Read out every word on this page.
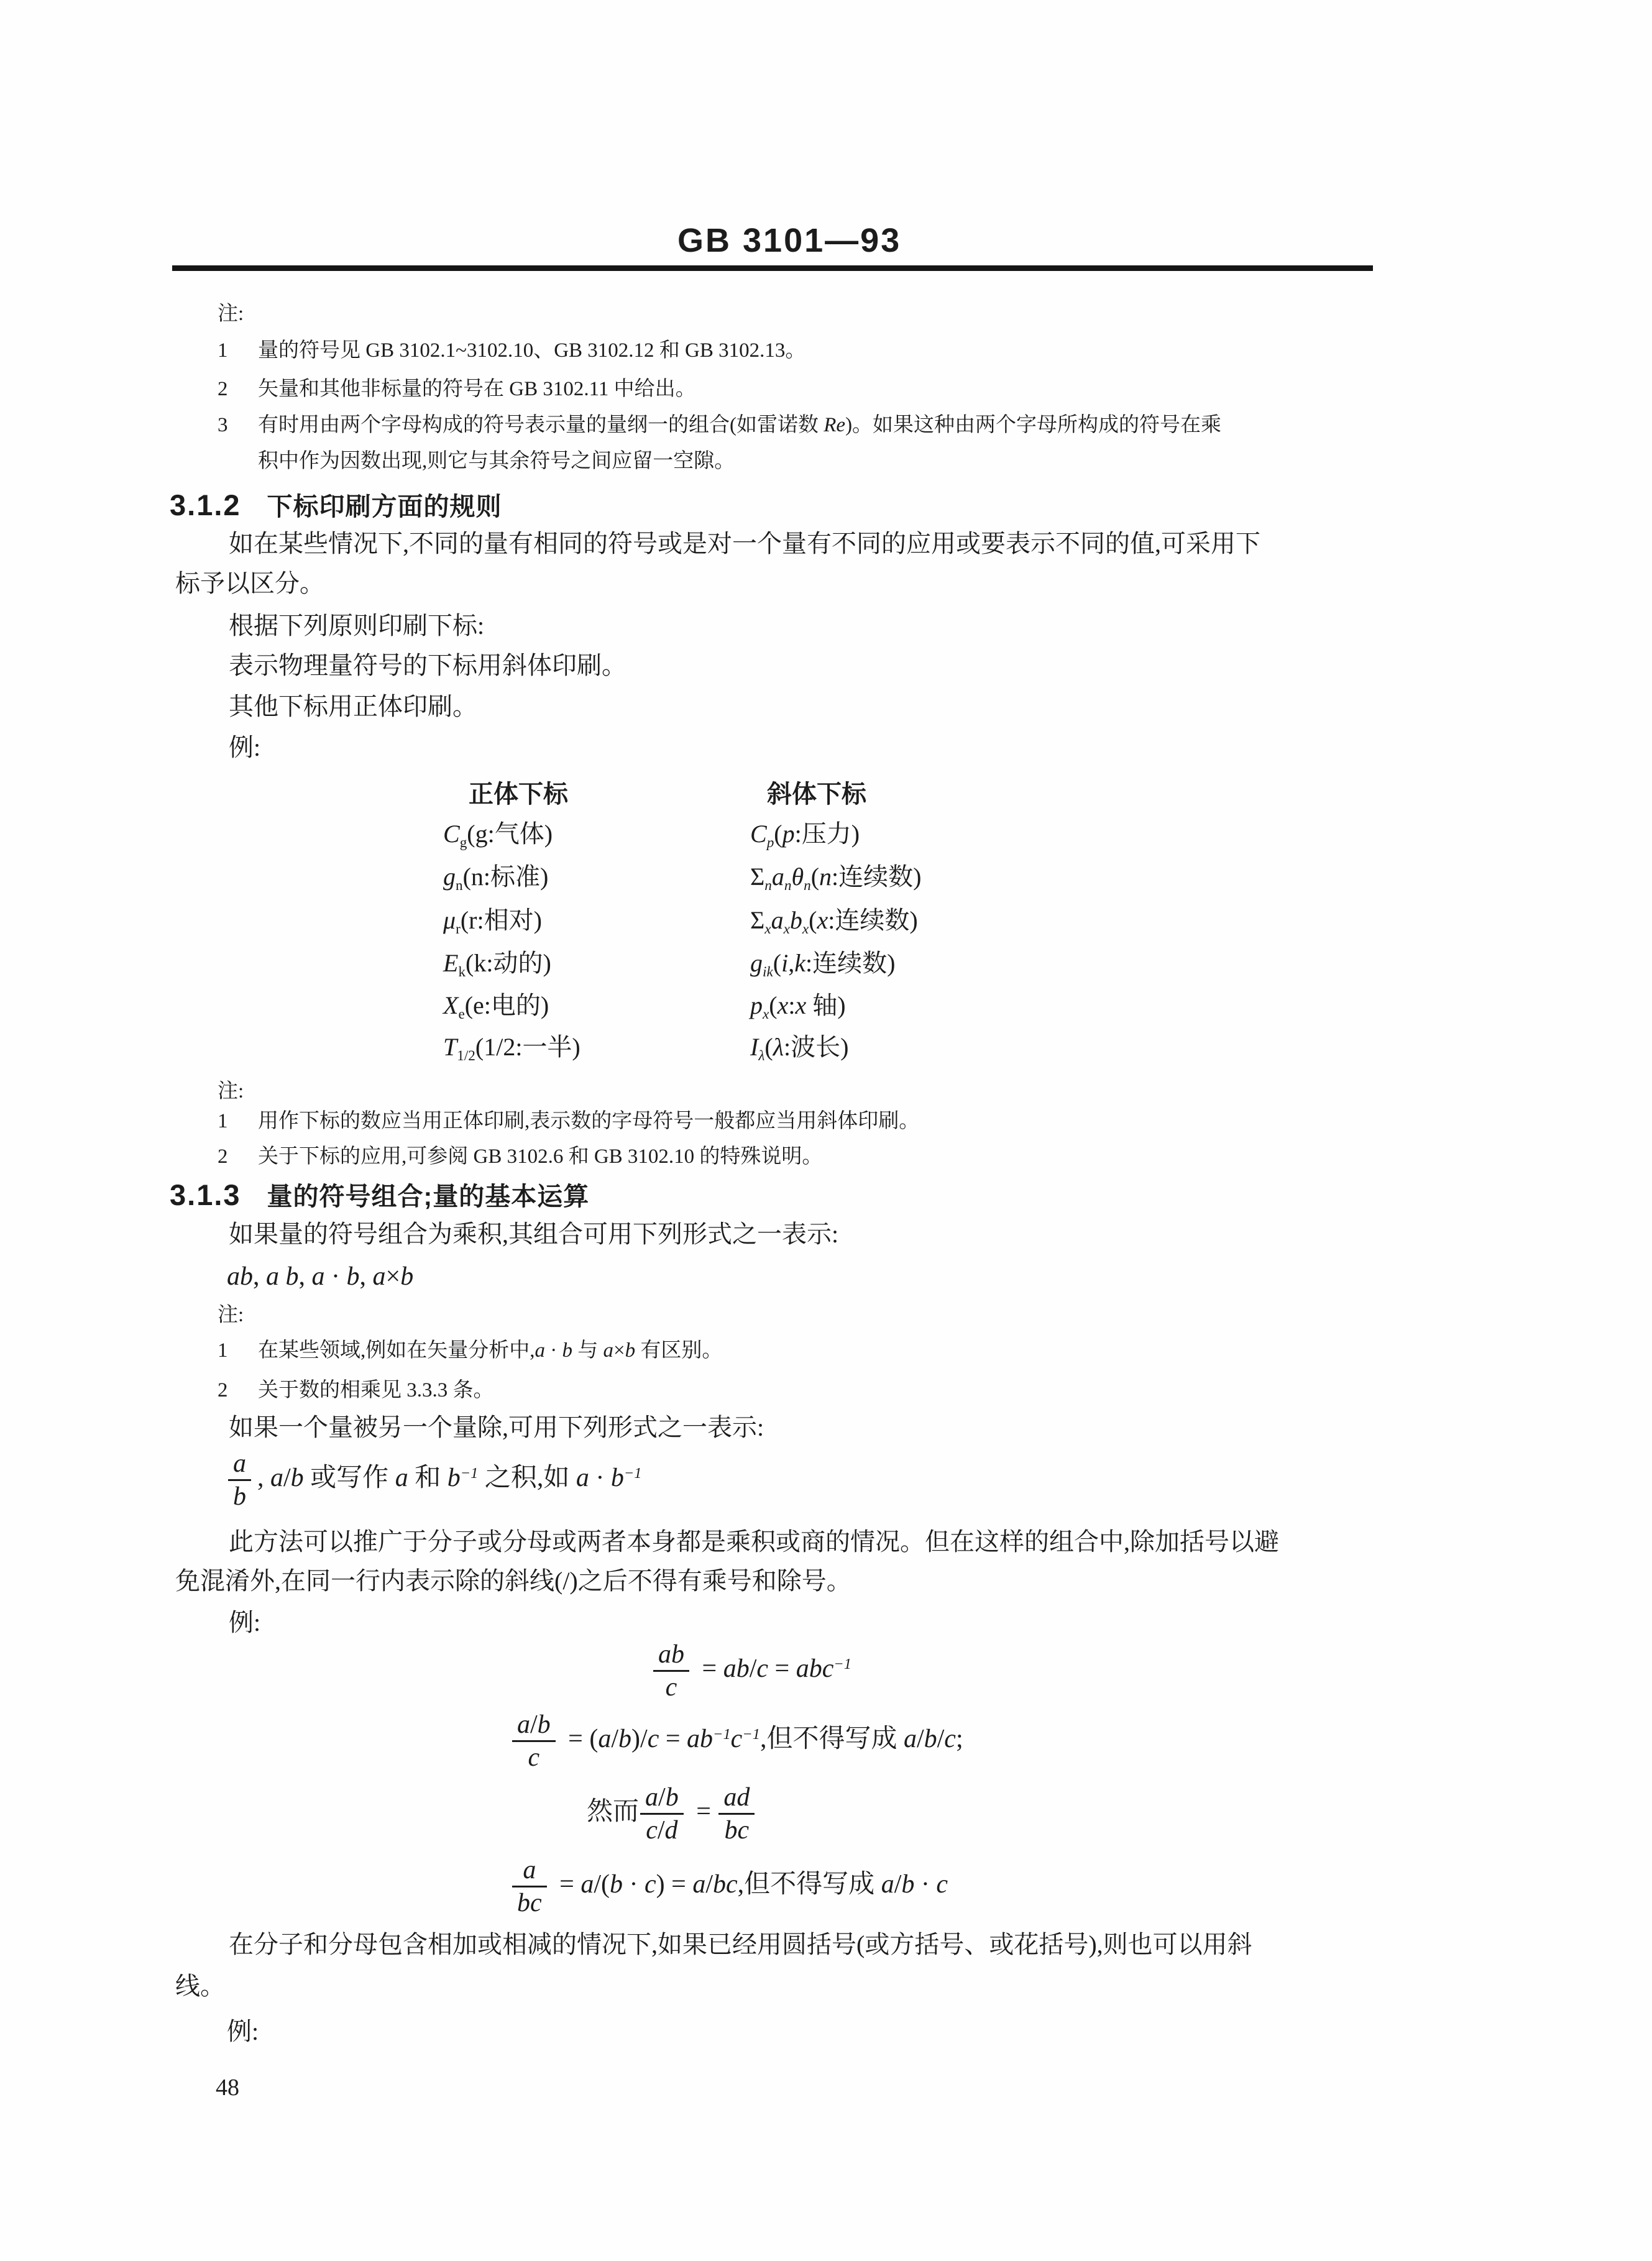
GB 3101—93
注:
1 量的符号见 GB 3102.1~3102.10、GB 3102.12 和 GB 3102.13。
2 矢量和其他非标量的符号在 GB 3102.11 中给出。
3 有时用由两个字母构成的符号表示量的量纲一的组合(如雷诺数 Re)。如果这种由两个字母所构成的符号在乘
积中作为因数出现,则它与其余符号之间应留一空隙。
3.1.2 下标印刷方面的规则
如在某些情况下,不同的量有相同的符号或是对一个量有不同的应用或要表示不同的值,可采用下
标予以区分。
根据下列原则印刷下标:
表示物理量符号的下标用斜体印刷。
其他下标用正体印刷。
例:
正体下标	斜体下标
$C_g(g$:气体)	$C_p(p$:压力)
$g_n(n$:标准)	$\Sigma_na_n\theta_n(n$:连续数)
$\mu_r(r$:相对)	$\Sigma_xa_xb_x(x$:连续数)
$E_k(k$:动的)	$g_{ik}(i,k$:连续数)
$X_e(e$:电的)	$p_x(x:x$ 轴)
$T_{1/2}(1/2$:一半)	$I_\lambda(\lambda$:波长)
注:
1 用作下标的数应当用正体印刷,表示数的字母符号一般都应当用斜体印刷。
2 关于下标的应用,可参阅 GB 3102.6 和 GB 3102.10 的特殊说明。
3.1.3 量的符号组合;量的基本运算
如果量的符号组合为乘积,其组合可用下列形式之一表示:
ab, a b, a · b, a×b
注:
1 在某些领域,例如在矢量分析中,a · b 与 a×b 有区别。
2 关于数的相乘见 3.3.3 条。
如果一个量被另一个量除,可用下列形式之一表示:
$\frac{a}{b}$ , a/b 或写作 a 和 $b^{-1}$ 之积,如 $a \cdot b^{-1}$
此方法可以推广于分子或分母或两者本身都是乘积或商的情况。但在这样的组合中,除加括号以避
免混淆外,在同一行内表示除的斜线(/)之后不得有乘号和除号。
例:
$\frac{ab}{c} = ab/c = abc^{-1}$
$\frac{a/b}{c} = (a/b)/c = ab^{-1}c^{-1}$,但不得写成 a/b/c;
然而 $\frac{a/b}{c/d} = \frac{ad}{bc}$
$\frac{a}{bc} = a/(b \cdot c) = a/bc$,但不得写成 a/b · c
在分子和分母包含相加或相减的情况下,如果已经用圆括号(或方括号、或花括号),则也可以用斜
线。
例:
48
